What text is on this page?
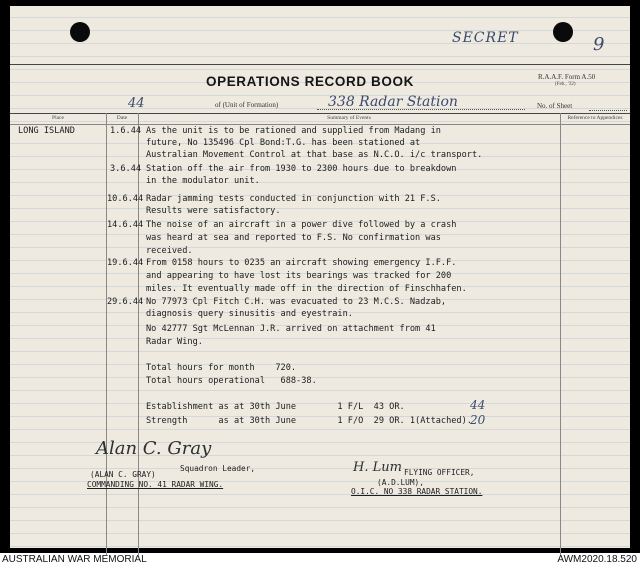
SECRET	9
OPERATIONS RECORD BOOK	R.A.A.F. Form A.50
(Feb., '32)
44	of (Unit of Formation)	338 Radar Station	No. of Sheet
Place	Date	Summary of Events	Reference to Appendices
LONG ISLAND	1.6.44 As the unit is to be rationed and supplied from Madang in
future, No 135496 Cpl Bond:T.G. has been stationed at
Australian Movement Control at that base as N.C.O. i/c transport.
3.6.44 Station off the air from 1930 to 2300 hours due to breakdown
in the modulator unit.
10.6.44 Radar jamming tests conducted in conjunction with 21 F.S.
Results were satisfactory.
14.6.44 The noise of an aircraft in a power dive followed by a crash
was heard at sea and reported to F.S. No confirmation was
received.
19.6.44 From 0158 hours to 0235 an aircraft showing emergency I.F.F.
and appearing to have lost its bearings was tracked for 200
miles. It eventually made off in the direction of Finschhafen.
29.6.44 No 77973 Cpl Fitch C.H. was evacuated to 23 M.C.S. Nadzab,
diagnosis query sinusitis and eyestrain.
No 42777 Sgt McLennan J.R. arrived on attachment from 41
Radar Wing.
Total hours for month    720.
Total hours operational   688-38.
Establishment as at 30th June        1 F/L  43 OR.
Strength      as at 30th June        1 F/O  29 OR. 1(Attached).
44
20
Alan C. Gray
Squadron Leader,
(ALAN C. GRAY)
COMMANDING NO. 41 RADAR WING.
H. Lum FLYING OFFICER,
(A.D.LUM),
O.I.C. NO 338 RADAR STATION.
AUSTRALIAN WAR MEMORIAL	AWM2020.18.520
